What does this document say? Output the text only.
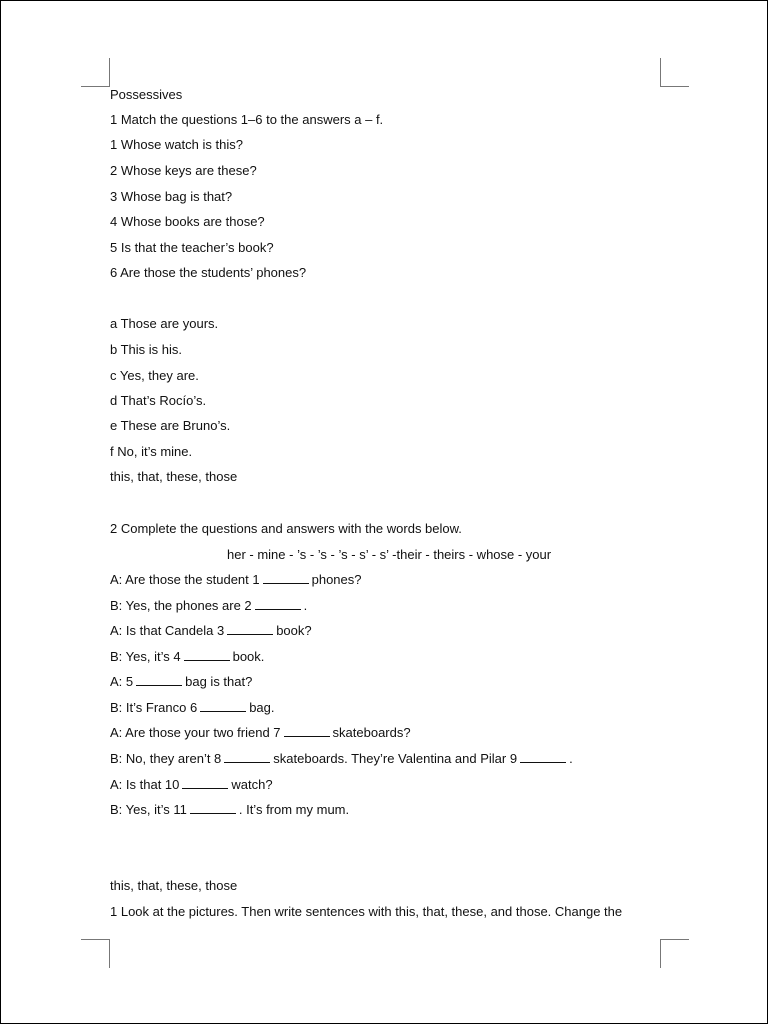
Possessives
1 Match the questions 1–6 to the answers a – f.
1 Whose watch is this?
2 Whose keys are these?
3 Whose bag is that?
4 Whose books are those?
5 Is that the teacher’s book?
6 Are those the students’ phones?
a Those are yours.
b This is his.
c Yes, they are.
d That’s Rocío’s.
e These are Bruno’s.
f No, it’s mine.
this, that, these, those
2 Complete the questions and answers with the words below.
her - mine - ’s - ’s - ’s - s’ - s’ -their - theirs - whose - your
A: Are those the student 1	phones?
B: Yes, the phones are 2	.
A: Is that Candela 3	book?
B: Yes, it’s 4	book.
A: 5	bag is that?
B: It’s Franco 6	bag.
A: Are those your two friend 7	skateboards?
B: No, they aren’t 8	skateboards. They’re Valentina and Pilar 9	.
A: Is that 10	watch?
B: Yes, it’s 11	. It’s from my mum.
this, that, these, those
1 Look at the pictures. Then write sentences with this, that, these, and those. Change the
